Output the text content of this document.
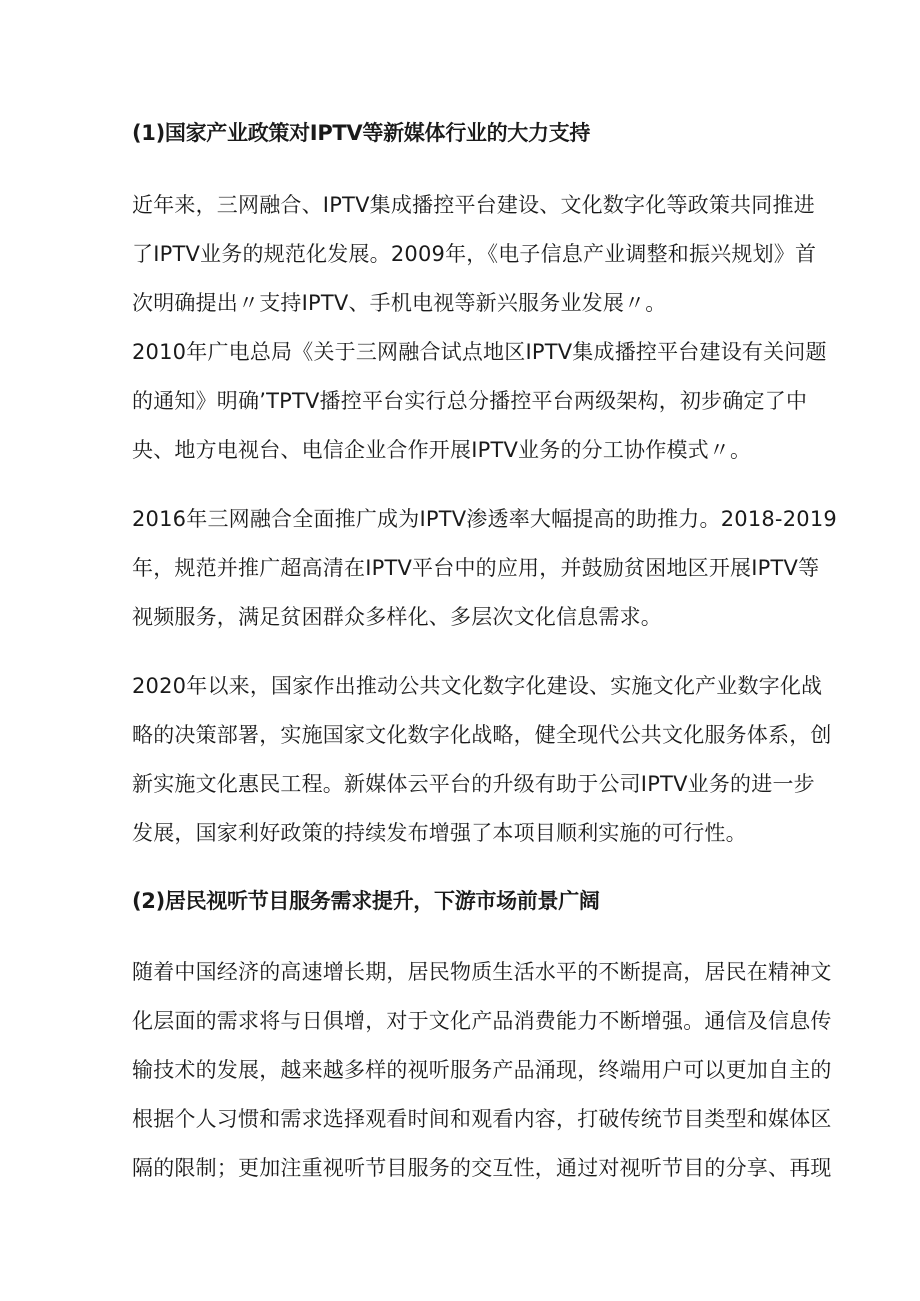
(1)国家产业政策对IPTV等新媒体行业的大力支持
近年来，三网融合、IPTV集成播控平台建设、文化数字化等政策共同推进
了IPTV业务的规范化发展。2009年，《电子信息产业调整和振兴规划》首
次明确提出〃支持IPTV、手机电视等新兴服务业发展〃。
2010年广电总局《关于三网融合试点地区IPTV集成播控平台建设有关问题
的通知》明确’TPTV播控平台实行总分播控平台两级架构，初步确定了中
央、地方电视台、电信企业合作开展IPTV业务的分工协作模式〃。
2016年三网融合全面推广成为IPTV渗透率大幅提高的助推力。2018-2019
年，规范并推广超高清在IPTV平台中的应用，并鼓励贫困地区开展IPTV等
视频服务，满足贫困群众多样化、多层次文化信息需求。
2020年以来，国家作出推动公共文化数字化建设、实施文化产业数字化战
略的决策部署，实施国家文化数字化战略，健全现代公共文化服务体系，创
新实施文化惠民工程。新媒体云平台的升级有助于公司IPTV业务的进一步
发展，国家利好政策的持续发布增强了本项目顺利实施的可行性。
(2)居民视听节目服务需求提升，下游市场前景广阔
随着中国经济的高速增长期，居民物质生活水平的不断提高，居民在精神文
化层面的需求将与日俱增，对于文化产品消费能力不断增强。通信及信息传
输技术的发展，越来越多样的视听服务产品涌现，终端用户可以更加自主的
根据个人习惯和需求选择观看时间和观看内容，打破传统节目类型和媒体区
隔的限制；更加注重视听节目服务的交互性，通过对视听节目的分享、再现
